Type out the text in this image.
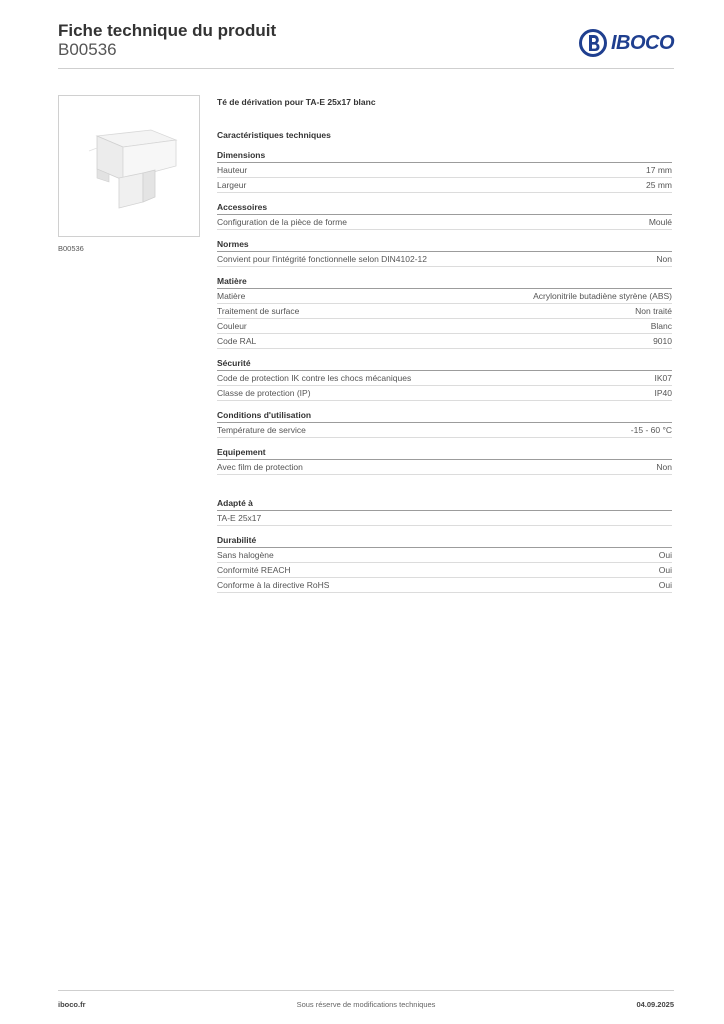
Fiche technique du produit
B00536	IBOCO
B00536
Té de dérivation pour TA-E 25x17 blanc
Caractéristiques techniques
Dimensions
Hauteur	17 mm
Largeur	25 mm
Accessoires
Configuration de la pièce de forme	Moulé
Normes
Convient pour l'intégrité fonctionnelle selon DIN4102-12	Non
Matière
Matière	Acrylonitrile butadiène styrène (ABS)
Traitement de surface	Non traité
Couleur	Blanc
Code RAL	9010
Sécurité
Code de protection IK contre les chocs mécaniques	IK07
Classe de protection (IP)	IP40
Conditions d'utilisation
Température de service	-15 - 60 °C
Equipement
Avec film de protection	Non
Adapté à
TA-E 25x17
Durabilité
Sans halogène	Oui
Conformité REACH	Oui
Conforme à la directive RoHS	Oui
iboco.fr	Sous réserve de modifications techniques	04.09.2025
